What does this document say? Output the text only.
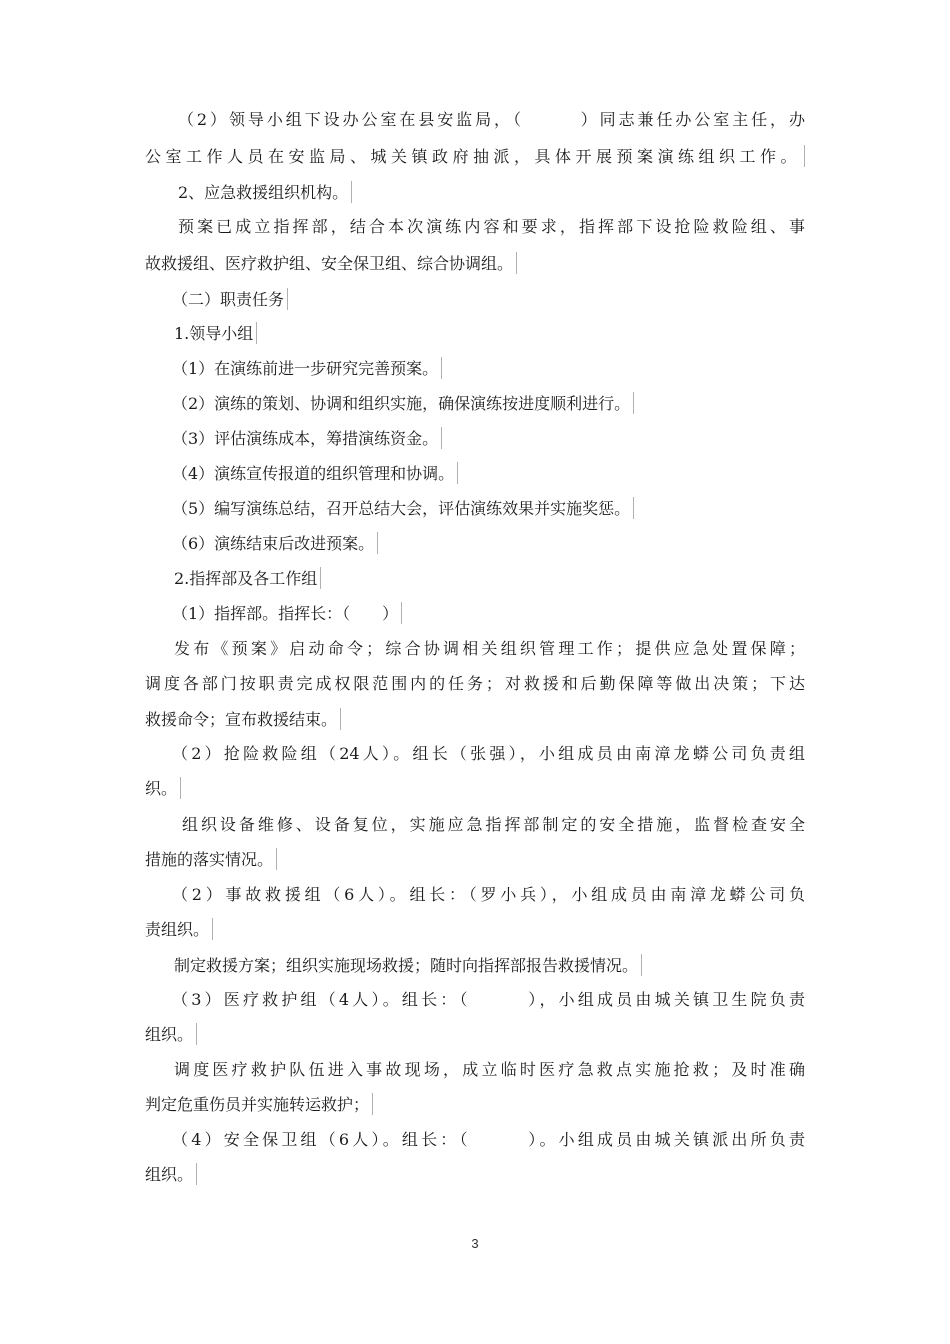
（2）领导小组下设办公室在县安监局，（　　　）同志兼任办公室主任，办
公室工作人员在安监局、城关镇政府抽派，具体开展预案演练组织工作。
2、应急救援组织机构。
预案已成立指挥部，结合本次演练内容和要求，指挥部下设抢险救险组、事
故救援组、医疗救护组、安全保卫组、综合协调组。
（二）职责任务
1.领导小组
（1）在演练前进一步研究完善预案。
（2）演练的策划、协调和组织实施，确保演练按进度顺利进行。
（3）评估演练成本，筹措演练资金。
（4）演练宣传报道的组织管理和协调。
（5）编写演练总结，召开总结大会，评估演练效果并实施奖惩。
（6）演练结束后改进预案。
2.指挥部及各工作组
（1）指挥部。指挥长：（　　）
发布《预案》启动命令；综合协调相关组织管理工作；提供应急处置保障；
调度各部门按职责完成权限范围内的任务；对救援和后勤保障等做出决策；下达
救援命令；宣布救援结束。
（2）抢险救险组（24人）。组长（张强），小组成员由南漳龙蟒公司负责组
织。
组织设备维修、设备复位，实施应急指挥部制定的安全措施，监督检查安全
措施的落实情况。
（2）事故救援组（6人）。组长：（罗小兵），小组成员由南漳龙蟒公司负
责组织。
制定救援方案；组织实施现场救援；随时向指挥部报告救援情况。
（3）医疗救护组（4人）。组长：（　　　），小组成员由城关镇卫生院负责
组织。
调度医疗救护队伍进入事故现场，成立临时医疗急救点实施抢救；及时准确
判定危重伤员并实施转运救护；
（4）安全保卫组（6人）。组长：（　　　）。小组成员由城关镇派出所负责
组织。
3
